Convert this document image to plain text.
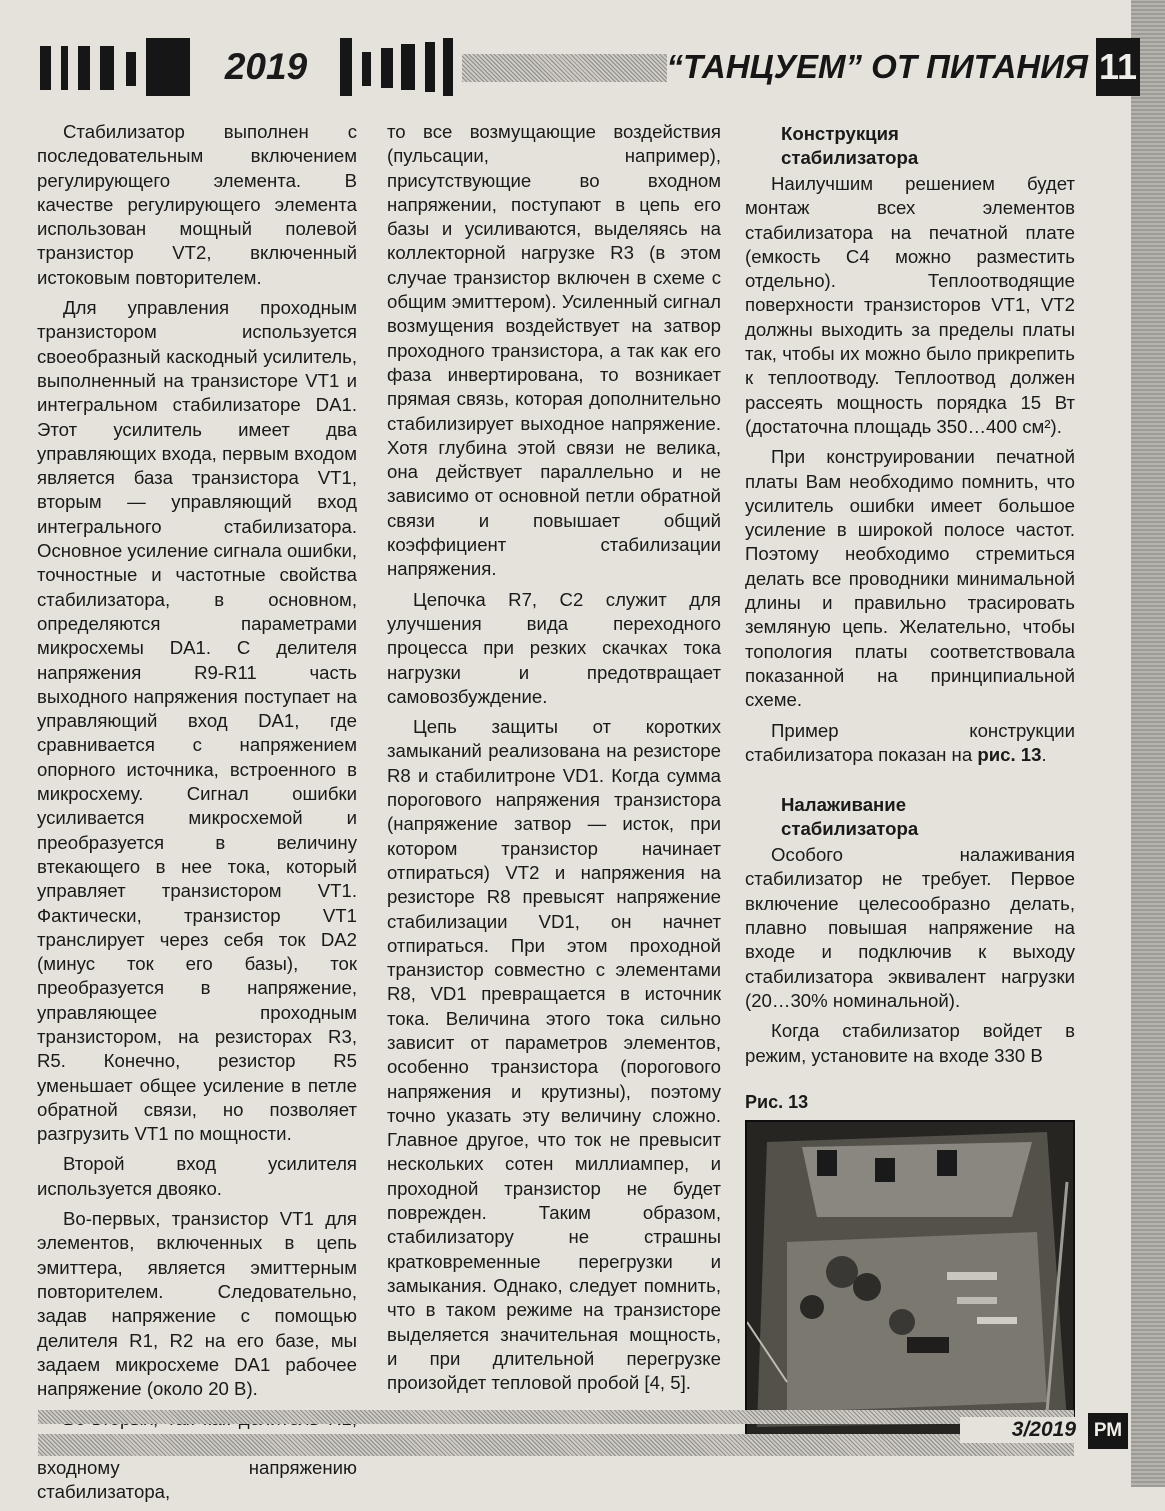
2019	“ТАНЦУЕМ” ОТ ПИТАНИЯ 11

Стабилизатор выполнен с последовательным включением регулирующего элемента. В качестве регулирующего элемента использован мощный полевой транзистор VT2, включенный истоковым повторителем.

Для управления проходным транзистором используется своеобразный каскодный усилитель, выполненный на транзисторе VT1 и интегральном стабилизаторе DA1. Этот усилитель имеет два управляющих входа, первым входом является база транзистора VT1, вторым — управляющий вход интегрального стабилизатора. Основное усиление сигнала ошибки, точностные и частотные свойства стабилизатора, в основном, определяются параметрами микросхемы DA1. С делителя напряжения R9-R11 часть выходного напряжения поступает на управляющий вход DA1, где сравнивается с напряжением опорного источника, встроенного в микросхему. Сигнал ошибки усиливается микросхемой и преобразуется в величину втекающего в нее тока, который управляет транзистором VT1. Фактически, транзистор VT1 транслирует через себя ток DA2 (минус ток его базы), ток преобразуется в напряжение, управляющее проходным транзистором, на резисторах R3, R5. Конечно, резистор R5 уменьшает общее усиление в петле обратной связи, но позволяет разгрузить VT1 по мощности.

Второй вход усилителя используется двояко.

Во-первых, транзистор VT1 для элементов, включенных в цепь эмиттера, является эмиттерным повторителем. Следовательно, задав напряжение с помощью делителя R1, R2 на его базе, мы задаем микросхеме DA1 рабочее напряжение (около 20 В).

входному напряжению стабилизатора,

то все возмущающие воздействия (пульсации, например), присутствующие во входном напряжении, поступают в цепь его базы и усиливаются, выделяясь на коллекторной нагрузке R3 (в этом случае транзистор включен в схеме с общим эмиттером). Усиленный сигнал возмущения воздействует на затвор проходного транзистора, а так как его фаза инвертирована, то возникает прямая связь, которая дополнительно стабилизирует выходное напряжение. Хотя глубина этой связи не велика, она действует параллельно и не зависимо от основной петли обратной связи и повышает общий коэффициент стабилизации напряжения.

Цепочка R7, C2 служит для улучшения вида переходного процесса при резких скачках тока нагрузки и предотвращает самовозбуждение.

Цепь защиты от коротких замыканий реализована на резисторе R8 и стабилитроне VD1. Когда сумма порогового напряжения транзистора (напряжение затвор — исток, при котором транзистор начинает отпираться) VT2 и напряжения на резисторе R8 превысят напряжение стабилизации VD1, он начнет отпираться. При этом проходной транзистор совместно с элементами R8, VD1 превращается в источник тока. Величина этого тока сильно зависит от параметров элементов, особенно транзистора (порогового напряжения и крутизны), поэтому точно указать эту величину сложно. Главное другое, что ток не превысит нескольких сотен миллиампер, и проходной транзистор не будет поврежден. Таким образом, стабилизатору не страшны кратковременные перегрузки и замыкания. Однако, следует помнить, что в таком режиме на транзисторе выделяется значительная мощность, и при длительной перегрузке произойдет тепловой пробой [4, 5].

Конструкция
стабилизатора

Наилучшим решением будет монтаж всех элементов стабилизатора на печатной плате (емкость C4 можно разместить отдельно). Теплоотводящие поверхности транзисторов VT1, VT2 должны выходить за пределы платы так, чтобы их можно было прикрепить к теплоотводу. Теплоотвод должен рассеять мощность порядка 15 Вт (достаточна площадь 350…400 см²).

При конструировании печатной платы Вам необходимо помнить, что усилитель ошибки имеет большое усиление в широкой полосе частот. Поэтому необходимо стремиться делать все проводники минимальной длины и правильно трасировать земляную цепь. Желательно, чтобы топология платы соответствовала показанной на принципиальной схеме.

Пример конструкции стабилизатора показан на рис. 13.

Налаживание
стабилизатора

Особого налаживания стабилизатор не требует. Первое включение целесообразно делать, плавно повышая напряжение на входе и подключив к выходу стабилизатора эквивалент нагрузки (20…30% номинальной).

Когда стабилизатор войдет в режим, установите на входе 330 В

Рис. 13
3/2019 РМ
